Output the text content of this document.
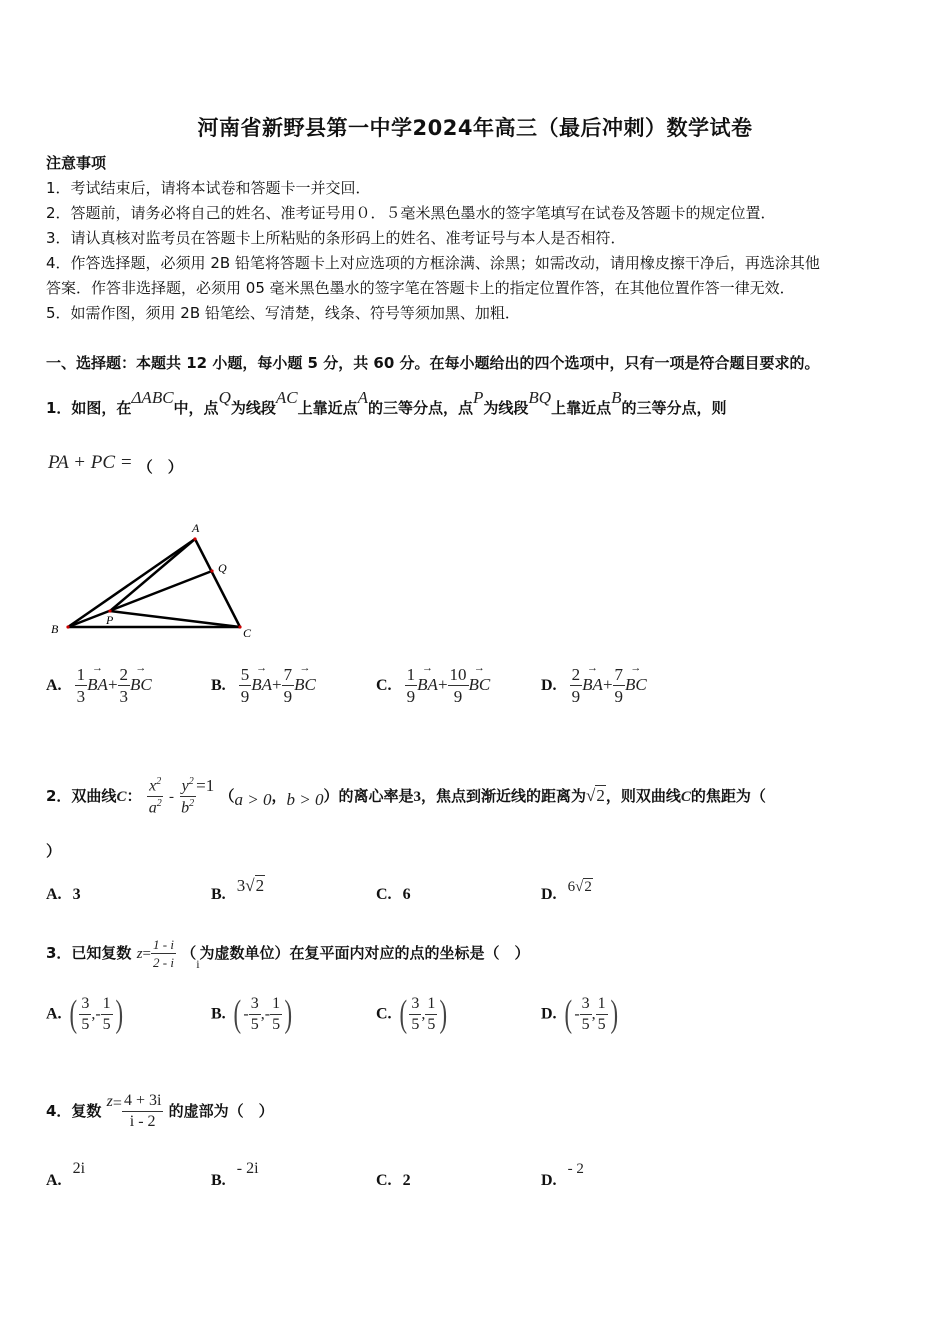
河南省新野县第一中学2024年高三（最后冲刺）数学试卷
注意事项
1．考试结束后，请将本试卷和答题卡一并交回．
2．答题前，请务必将自己的姓名、准考证号用０．５毫米黑色墨水的签字笔填写在试卷及答题卡的规定位置．
3．请认真核对监考员在答题卡上所粘贴的条形码上的姓名、准考证号与本人是否相符．
4．作答选择题，必须用 2B 铅笔将答题卡上对应选项的方框涂满、涂黑；如需改动，请用橡皮擦干净后，再选涂其他
答案．作答非选择题，必须用 05 毫米黑色墨水的签字笔在答题卡上的指定位置作答，在其他位置作答一律无效．
5．如需作图，须用 2B 铅笔绘、写清楚，线条、符号等须加黑、加粗．
一、选择题：本题共 12 小题，每小题 5 分，共 60 分。在每小题给出的四个选项中，只有一项是符合题目要求的。
1．如图，在ΔABC中，点Q为线段AC上靠近点A的三等分点，点P为线段BQ上靠近点B的三等分点，则
PA + PC = （　）
A
Q
B	C
P
A. $\frac{1}{3} \to BA+ \frac{2}{3}$ → BC	B. $\frac{5}{9} \to BA+ \frac{7}{9}$ → BC	C. $\frac{1}{9} \to BA+ \frac{10}{9}$ → BC	D. $\frac{2}{9} \to BA+ \frac{7}{9}$ → BC
2．双曲线C： $\frac{x^2}{a^2} - \frac{y^2}{b^2} =1$ （a > 0，b > 0）的离心率是3，焦点到渐近线的距离为√2，则双曲线C的焦距为（
）
A. 3	B. 3√2	C. 6	D. 6√2
3．已知复数 $z= \frac{1 - i}{2 - i} (_i$为虚数单位）在复平面内对应的点的坐标是（　）
A. ( $\frac{3}{5}$ ,- $\frac{1}{5}$ )	B. ( - $\frac{3}{5}$ ,- $\frac{1}{5}$ )	C. ( $\frac{3}{5}$ , $\frac{1}{5}$ )	D. ( - $\frac{3}{5}$ , $\frac{1}{5}$ )
4．复数 $z= \frac{4 + 3i}{i - 2}$ 的虚部为（　）
A. 2i
B. - 2i
C. 2	D. - 2
